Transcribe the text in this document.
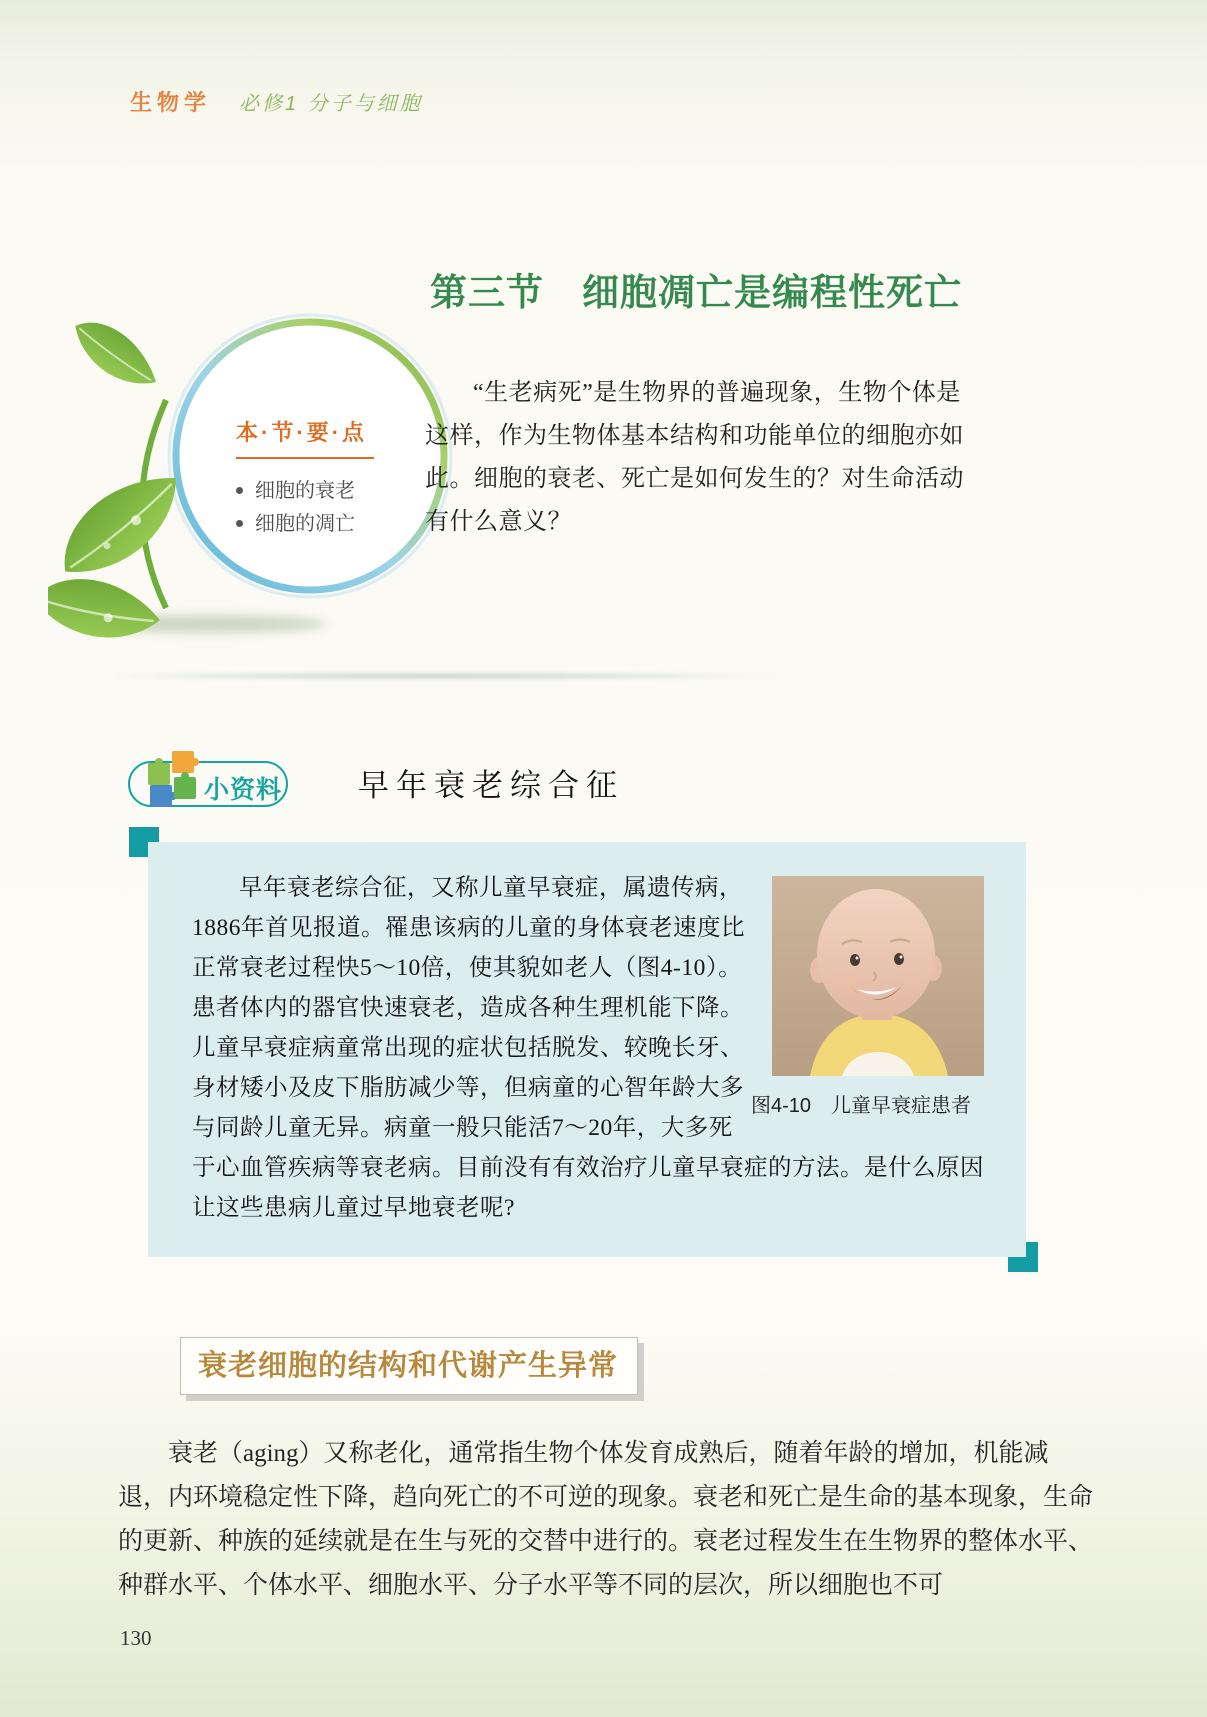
生物学 必修1 分子与细胞
第三节　细胞凋亡是编程性死亡
本·节·要·点
细胞的衰老
细胞的凋亡

“生老病死”是生物界的普遍现象，生物个体是这样，作为生物体基本结构和功能单位的细胞亦如此。细胞的衰老、死亡是如何发生的？对生命活动有什么意义？

小资料 早年衰老综合征
图4-10　儿童早衰症患者

早年衰老综合征，又称儿童早衰症，属遗传病，1886年首见报道。罹患该病的儿童的身体衰老速度比正常衰老过程快5～10倍，使其貌如老人（图4-10）。患者体内的器官快速衰老，造成各种生理机能下降。儿童早衰症病童常出现的症状包括脱发、较晚长牙、身材矮小及皮下脂肪减少等，但病童的心智年龄大多与同龄儿童无异。病童一般只能活7～20年，大多死于心血管疾病等衰老病。目前没有有效治疗儿童早衰症的方法。是什么原因让这些患病儿童过早地衰老呢?

衰老细胞的结构和代谢产生异常

衰老（aging）又称老化，通常指生物个体发育成熟后，随着年龄的增加，机能减退，内环境稳定性下降，趋向死亡的不可逆的现象。衰老和死亡是生命的基本现象，生命的更新、种族的延续就是在生与死的交替中进行的。衰老过程发生在生物界的整体水平、种群水平、个体水平、细胞水平、分子水平等不同的层次，所以细胞也不可

130
